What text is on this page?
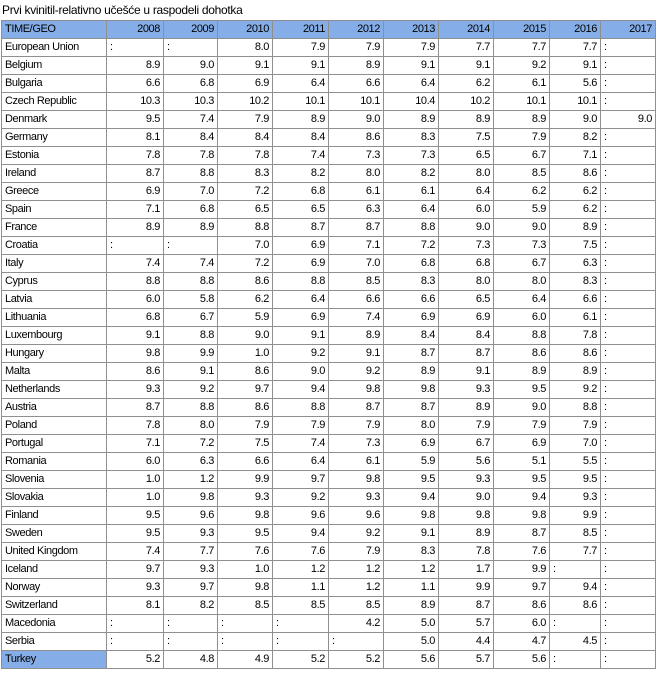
Prvi kvinitil-relativno učešće u raspodeli dohotka
TIME/GEO	2008	2009	2010	2011	2012	2013	2014	2015	2016	2017
European Union	:	:	8.0	7.9	7.9	7.9	7.7	7.7	7.7	:
Belgium	8.9	9.0	9.1	9.1	8.9	9.1	9.1	9.2	9.1	:
Bulgaria	6.6	6.8	6.9	6.4	6.6	6.4	6.2	6.1	5.6	:
Czech Republic	10.3	10.3	10.2	10.1	10.1	10.4	10.2	10.1	10.1	:
Denmark	9.5	7.4	7.9	8.9	9.0	8.9	8.9	8.9	9.0	9.0
Germany	8.1	8.4	8.4	8.4	8.6	8.3	7.5	7.9	8.2	:
Estonia	7.8	7.8	7.8	7.4	7.3	7.3	6.5	6.7	7.1	:
Ireland	8.7	8.8	8.3	8.2	8.0	8.2	8.0	8.5	8.6	:
Greece	6.9	7.0	7.2	6.8	6.1	6.1	6.4	6.2	6.2	:
Spain	7.1	6.8	6.5	6.5	6.3	6.4	6.0	5.9	6.2	:
France	8.9	8.9	8.8	8.7	8.7	8.8	9.0	9.0	8.9	:
Croatia	:	:	7.0	6.9	7.1	7.2	7.3	7.3	7.5	:
Italy	7.4	7.4	7.2	6.9	7.0	6.8	6.8	6.7	6.3	:
Cyprus	8.8	8.8	8.6	8.8	8.5	8.3	8.0	8.0	8.3	:
Latvia	6.0	5.8	6.2	6.4	6.6	6.6	6.5	6.4	6.6	:
Lithuania	6.8	6.7	5.9	6.9	7.4	6.9	6.9	6.0	6.1	:
Luxembourg	9.1	8.8	9.0	9.1	8.9	8.4	8.4	8.8	7.8	:
Hungary	9.8	9.9	1.0	9.2	9.1	8.7	8.7	8.6	8.6	:
Malta	8.6	9.1	8.6	9.0	9.2	8.9	9.1	8.9	8.9	:
Netherlands	9.3	9.2	9.7	9.4	9.8	9.8	9.3	9.5	9.2	:
Austria	8.7	8.8	8.6	8.8	8.7	8.7	8.9	9.0	8.8	:
Poland	7.8	8.0	7.9	7.9	7.9	8.0	7.9	7.9	7.9	:
Portugal	7.1	7.2	7.5	7.4	7.3	6.9	6.7	6.9	7.0	:
Romania	6.0	6.3	6.6	6.4	6.1	5.9	5.6	5.1	5.5	:
Slovenia	1.0	1.2	9.9	9.7	9.8	9.5	9.3	9.5	9.5	:
Slovakia	1.0	9.8	9.3	9.2	9.3	9.4	9.0	9.4	9.3	:
Finland	9.5	9.6	9.8	9.6	9.6	9.8	9.8	9.8	9.9	:
Sweden	9.5	9.3	9.5	9.4	9.2	9.1	8.9	8.7	8.5	:
United Kingdom	7.4	7.7	7.6	7.6	7.9	8.3	7.8	7.6	7.7	:
Iceland	9.7	9.3	1.0	1.2	1.2	1.2	1.7	9.9	:	:
Norway	9.3	9.7	9.8	1.1	1.2	1.1	9.9	9.7	9.4	:
Switzerland	8.1	8.2	8.5	8.5	8.5	8.9	8.7	8.6	8.6	:
Macedonia	:	:	:	:	4.2	5.0	5.7	6.0	:	:
Serbia	:	:	:	:	:	5.0	4.4	4.7	4.5	:
Turkey	5.2	4.8	4.9	5.2	5.2	5.6	5.7	5.6	:	:
